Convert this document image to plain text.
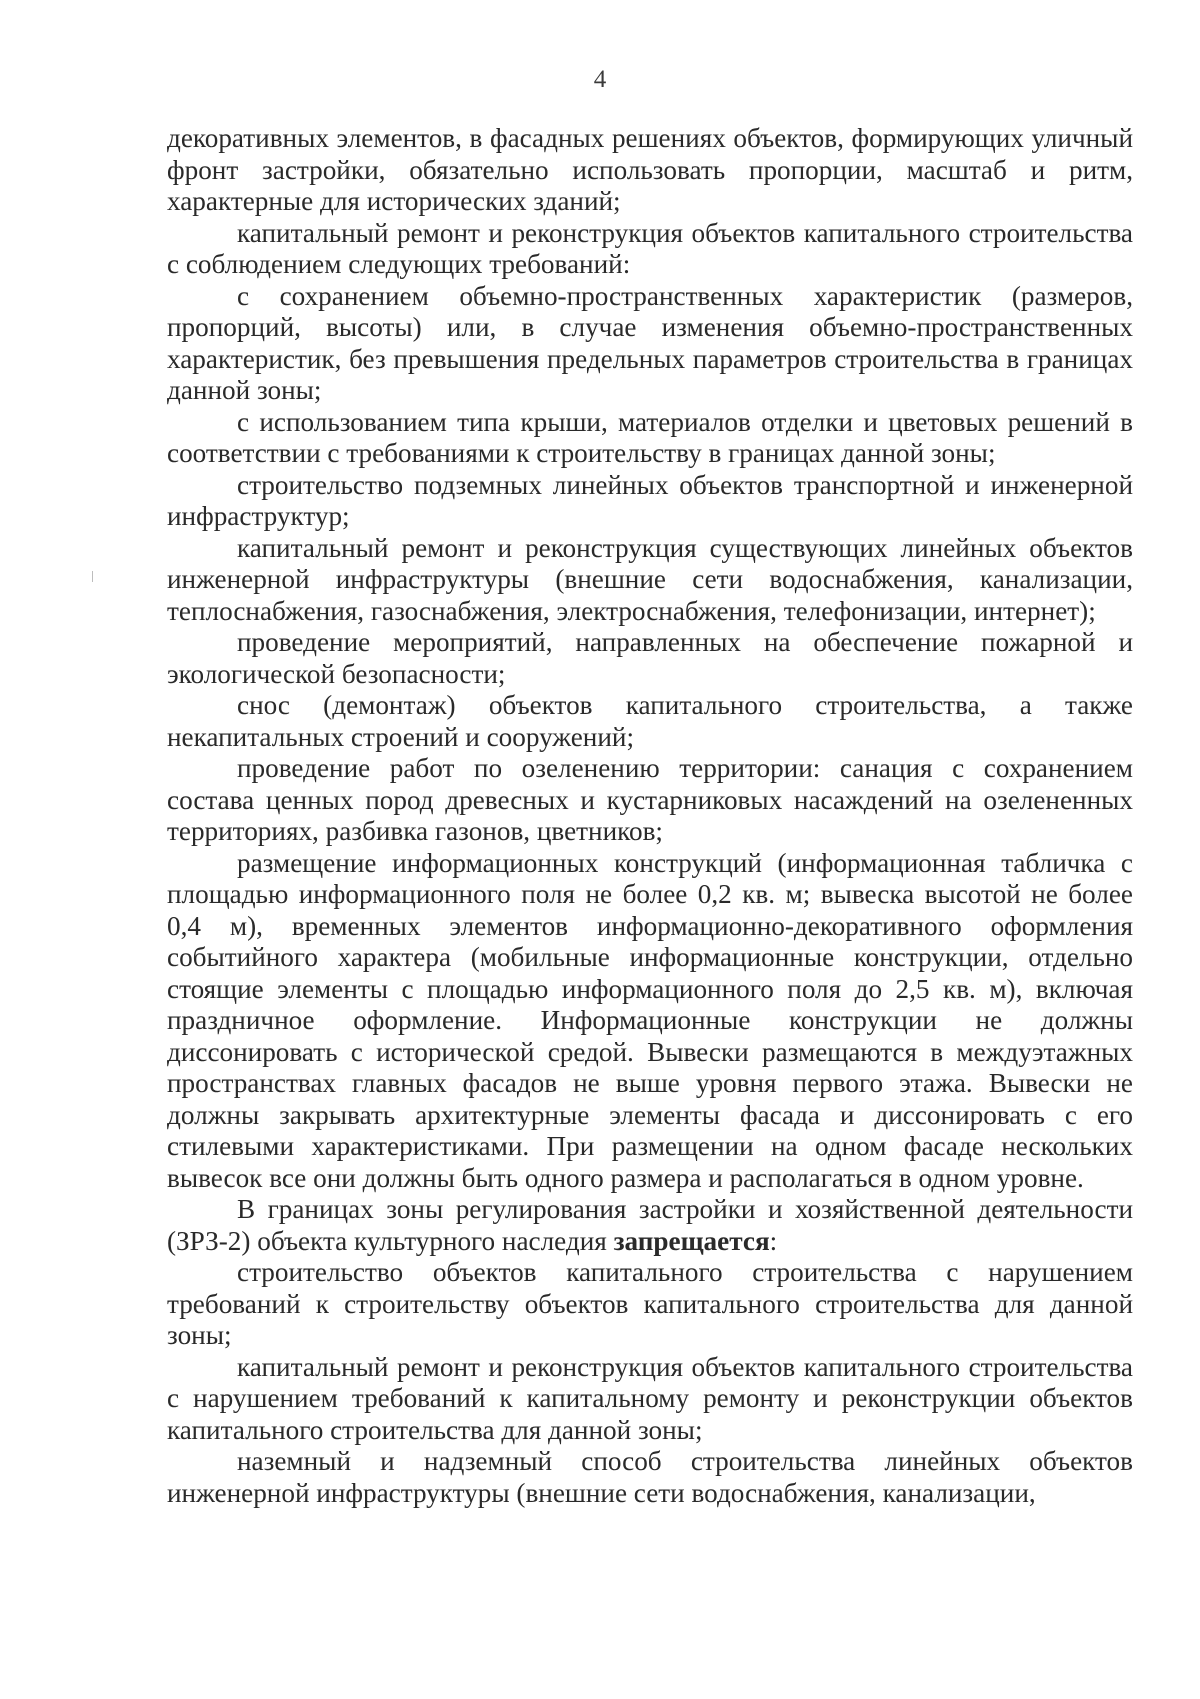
4

декоративных элементов, в фасадных решениях объектов, формирующих уличный фронт застройки, обязательно использовать пропорции, масштаб и ритм, характерные для исторических зданий;

капитальный ремонт и реконструкция объектов капитального строительства с соблюдением следующих требований:

с сохранением объемно-пространственных характеристик (размеров, пропорций, высоты) или, в случае изменения объемно-пространственных характеристик, без превышения предельных параметров строительства в границах данной зоны;

с использованием типа крыши, материалов отделки и цветовых решений в соответствии с требованиями к строительству в границах данной зоны;

строительство подземных линейных объектов транспортной и инженерной инфраструктур;

капитальный ремонт и реконструкция существующих линейных объектов инженерной инфраструктуры (внешние сети водоснабжения, канализации, теплоснабжения, газоснабжения, электроснабжения, телефонизации, интернет);

проведение мероприятий, направленных на обеспечение пожарной и экологической безопасности;

снос (демонтаж) объектов капитального строительства, а также некапитальных строений и сооружений;

проведение работ по озеленению территории: санация с сохранением состава ценных пород древесных и кустарниковых насаждений на озелененных территориях, разбивка газонов, цветников;

размещение информационных конструкций (информационная табличка с площадью информационного поля не более 0,2 кв. м; вывеска высотой не более 0,4 м), временных элементов информационно-декоративного оформления событийного характера (мобильные информационные конструкции, отдельно стоящие элементы с площадью информационного поля до 2,5 кв. м), включая праздничное оформление. Информационные конструкции не должны диссонировать с исторической средой. Вывески размещаются в междуэтажных пространствах главных фасадов не выше уровня первого этажа. Вывески не должны закрывать архитектурные элементы фасада и диссонировать с его стилевыми характеристиками. При размещении на одном фасаде нескольких вывесок все они должны быть одного размера и располагаться в одном уровне.

В границах зоны регулирования застройки и хозяйственной деятельности (ЗРЗ-2) объекта культурного наследия запрещается:

строительство объектов капитального строительства с нарушением требований к строительству объектов капитального строительства для данной зоны;

капитальный ремонт и реконструкция объектов капитального строительства с нарушением требований к капитальному ремонту и реконструкции объектов капитального строительства для данной зоны;

наземный и надземный способ строительства линейных объектов инженерной инфраструктуры (внешние сети водоснабжения, канализации,
